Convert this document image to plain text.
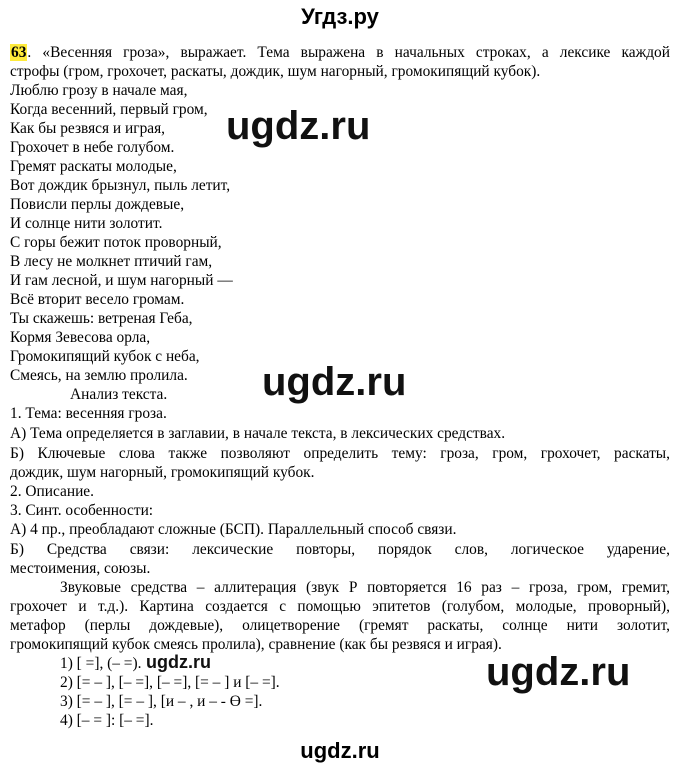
Угдз.ру
63. «Весенняя гроза», выражает. Тема выражена в начальных строках, а лексике каждой
строфы (гром, грохочет, раскаты, дождик, шум нагорный, громокипящий кубок).
Люблю грозу в начале мая,
Когда весенний, первый гром,
Как бы резвяся и играя,
Грохочет в небе голубом.
Гремят раскаты молодые,
Вот дождик брызнул, пыль летит,
Повисли перлы дождевые,
И солнце нити золотит.
С горы бежит поток проворный,
В лесу не молкнет птичий гам,
И гам лесной, и шум нагорный —
Всё вторит весело громам.
Ты скажешь: ветреная Геба,
Кормя Зевесова орла,
Громокипящий кубок с неба,
Смеясь, на землю пролила.
Анализ текста.
1. Тема: весенняя гроза.
А) Тема определяется в заглавии, в начале текста, в лексических средствах.
Б) Ключевые слова также позволяют определить тему: гроза, гром, грохочет, раскаты,
дождик, шум нагорный, громокипящий кубок.
2. Описание.
3. Синт. особенности:
А) 4 пр., преобладают сложные (БСП). Параллельный способ связи.
Б) Средства связи: лексические повторы, порядок слов, логическое ударение,
местоимения, союзы.
Звуковые средства – аллитерация (звук Р повторяется 16 раз – гроза, гром, гремит,
грохочет и т.д.). Картина создается с помощью эпитетов (голубом, молодые, проворный),
метафор (перлы дождевые), олицетворение (гремят раскаты, солнце нити золотит,
громокипящий кубок смеясь пролила), сравнение (как бы резвяся и играя).
1) [ =], (– =).
2) [= – ], [– =], [– =], [= – ] и [– =].
3) [= – ], [= – ], [и – , и – - Ө =].
4) [– = ]: [– =].
ugdz.ru
ugdz.ru
ugdz.ru
ugdz.ru
ugdz.ru
